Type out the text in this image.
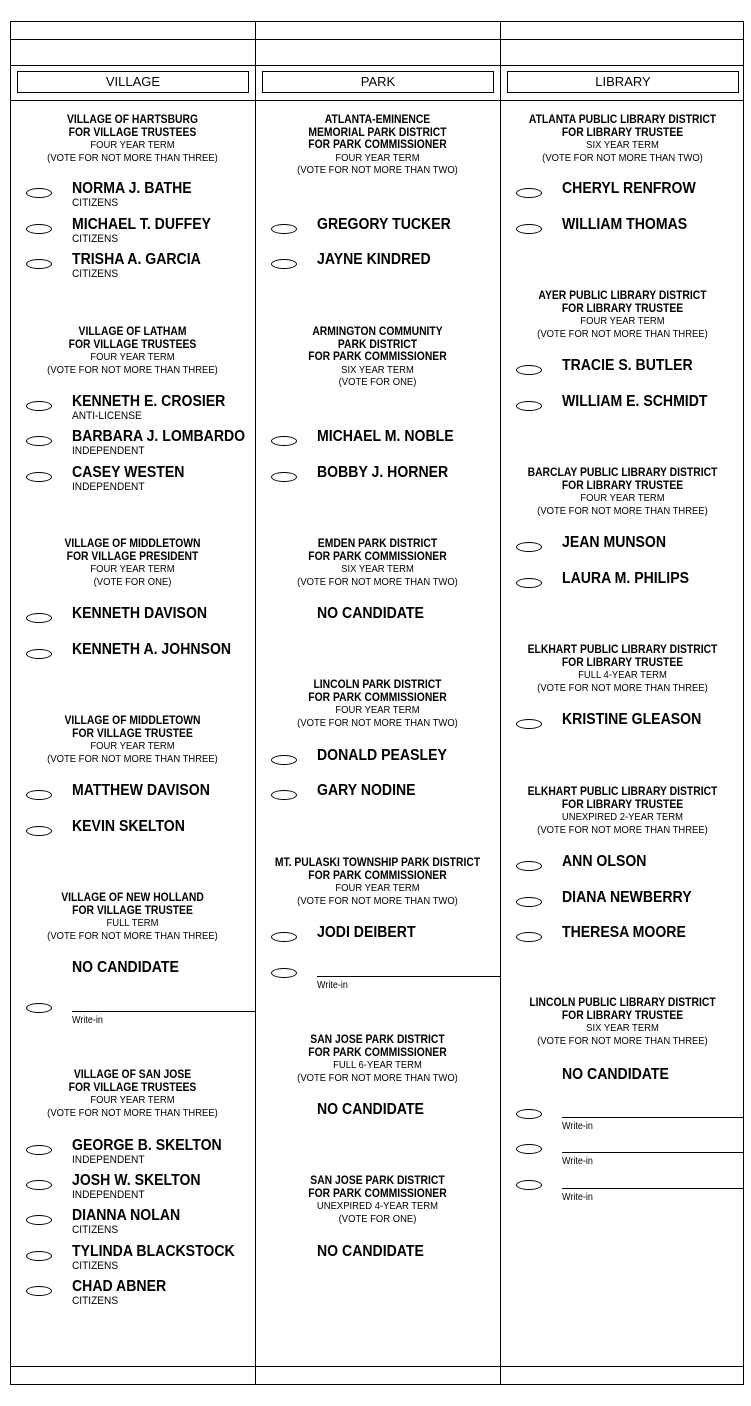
VILLAGE	PARK	LIBRARY
VILLAGE OF HARTSBURG
FOR VILLAGE TRUSTEES
FOUR YEAR TERM
(VOTE FOR NOT MORE THAN THREE)
NORMA J. BATHE
CITIZENS
MICHAEL T. DUFFEY
CITIZENS
TRISHA A. GARCIA
CITIZENS
VILLAGE OF LATHAM
FOR VILLAGE TRUSTEES
FOUR YEAR TERM
(VOTE FOR NOT MORE THAN THREE)
KENNETH E. CROSIER
ANTI-LICENSE
BARBARA J. LOMBARDO
INDEPENDENT
CASEY WESTEN
INDEPENDENT
VILLAGE OF MIDDLETOWN
FOR VILLAGE PRESIDENT
FOUR YEAR TERM
(VOTE FOR ONE)
KENNETH DAVISON
KENNETH A. JOHNSON
VILLAGE OF MIDDLETOWN
FOR VILLAGE TRUSTEE
FOUR YEAR TERM
(VOTE FOR NOT MORE THAN THREE)
MATTHEW DAVISON
KEVIN SKELTON
VILLAGE OF NEW HOLLAND
FOR VILLAGE TRUSTEE
FULL TERM
(VOTE FOR NOT MORE THAN THREE)
NO CANDIDATE
Write-in
VILLAGE OF SAN JOSE
FOR VILLAGE TRUSTEES
FOUR YEAR TERM
(VOTE FOR NOT MORE THAN THREE)
GEORGE B. SKELTON
INDEPENDENT
JOSH W. SKELTON
INDEPENDENT
DIANNA NOLAN
CITIZENS
TYLINDA BLACKSTOCK
CITIZENS
CHAD ABNER
CITIZENS
ATLANTA-EMINENCE
MEMORIAL PARK DISTRICT
FOR PARK COMMISSIONER
FOUR YEAR TERM
(VOTE FOR NOT MORE THAN TWO)
GREGORY TUCKER
JAYNE KINDRED
ARMINGTON COMMUNITY
PARK DISTRICT
FOR PARK COMMISSIONER
SIX YEAR TERM
(VOTE FOR ONE)
MICHAEL M. NOBLE
BOBBY J. HORNER
EMDEN PARK DISTRICT
FOR PARK COMMISSIONER
SIX YEAR TERM
(VOTE FOR NOT MORE THAN TWO)
NO CANDIDATE
LINCOLN PARK DISTRICT
FOR PARK COMMISSIONER
FOUR YEAR TERM
(VOTE FOR NOT MORE THAN TWO)
DONALD PEASLEY
GARY NODINE
MT. PULASKI TOWNSHIP PARK DISTRICT
FOR PARK COMMISSIONER
FOUR YEAR TERM
(VOTE FOR NOT MORE THAN TWO)
JODI DEIBERT
Write-in
SAN JOSE PARK DISTRICT
FOR PARK COMMISSIONER
FULL 6-YEAR TERM
(VOTE FOR NOT MORE THAN TWO)
NO CANDIDATE
SAN JOSE PARK DISTRICT
FOR PARK COMMISSIONER
UNEXPIRED 4-YEAR TERM
(VOTE FOR ONE)
NO CANDIDATE
ATLANTA PUBLIC LIBRARY DISTRICT
FOR LIBRARY TRUSTEE
SIX YEAR TERM
(VOTE FOR NOT MORE THAN TWO)
CHERYL RENFROW
WILLIAM THOMAS
AYER PUBLIC LIBRARY DISTRICT
FOR LIBRARY TRUSTEE
FOUR YEAR TERM
(VOTE FOR NOT MORE THAN THREE)
TRACIE S. BUTLER
WILLIAM E. SCHMIDT
BARCLAY PUBLIC LIBRARY DISTRICT
FOR LIBRARY TRUSTEE
FOUR YEAR TERM
(VOTE FOR NOT MORE THAN THREE)
JEAN MUNSON
LAURA M. PHILIPS
ELKHART PUBLIC LIBRARY DISTRICT
FOR LIBRARY TRUSTEE
FULL 4-YEAR TERM
(VOTE FOR NOT MORE THAN THREE)
KRISTINE GLEASON
ELKHART PUBLIC LIBRARY DISTRICT
FOR LIBRARY TRUSTEE
UNEXPIRED 2-YEAR TERM
(VOTE FOR NOT MORE THAN THREE)
ANN OLSON
DIANA NEWBERRY
THERESA MOORE
LINCOLN PUBLIC LIBRARY DISTRICT
FOR LIBRARY TRUSTEE
SIX YEAR TERM
(VOTE FOR NOT MORE THAN THREE)
NO CANDIDATE
Write-in
Write-in
Write-in
